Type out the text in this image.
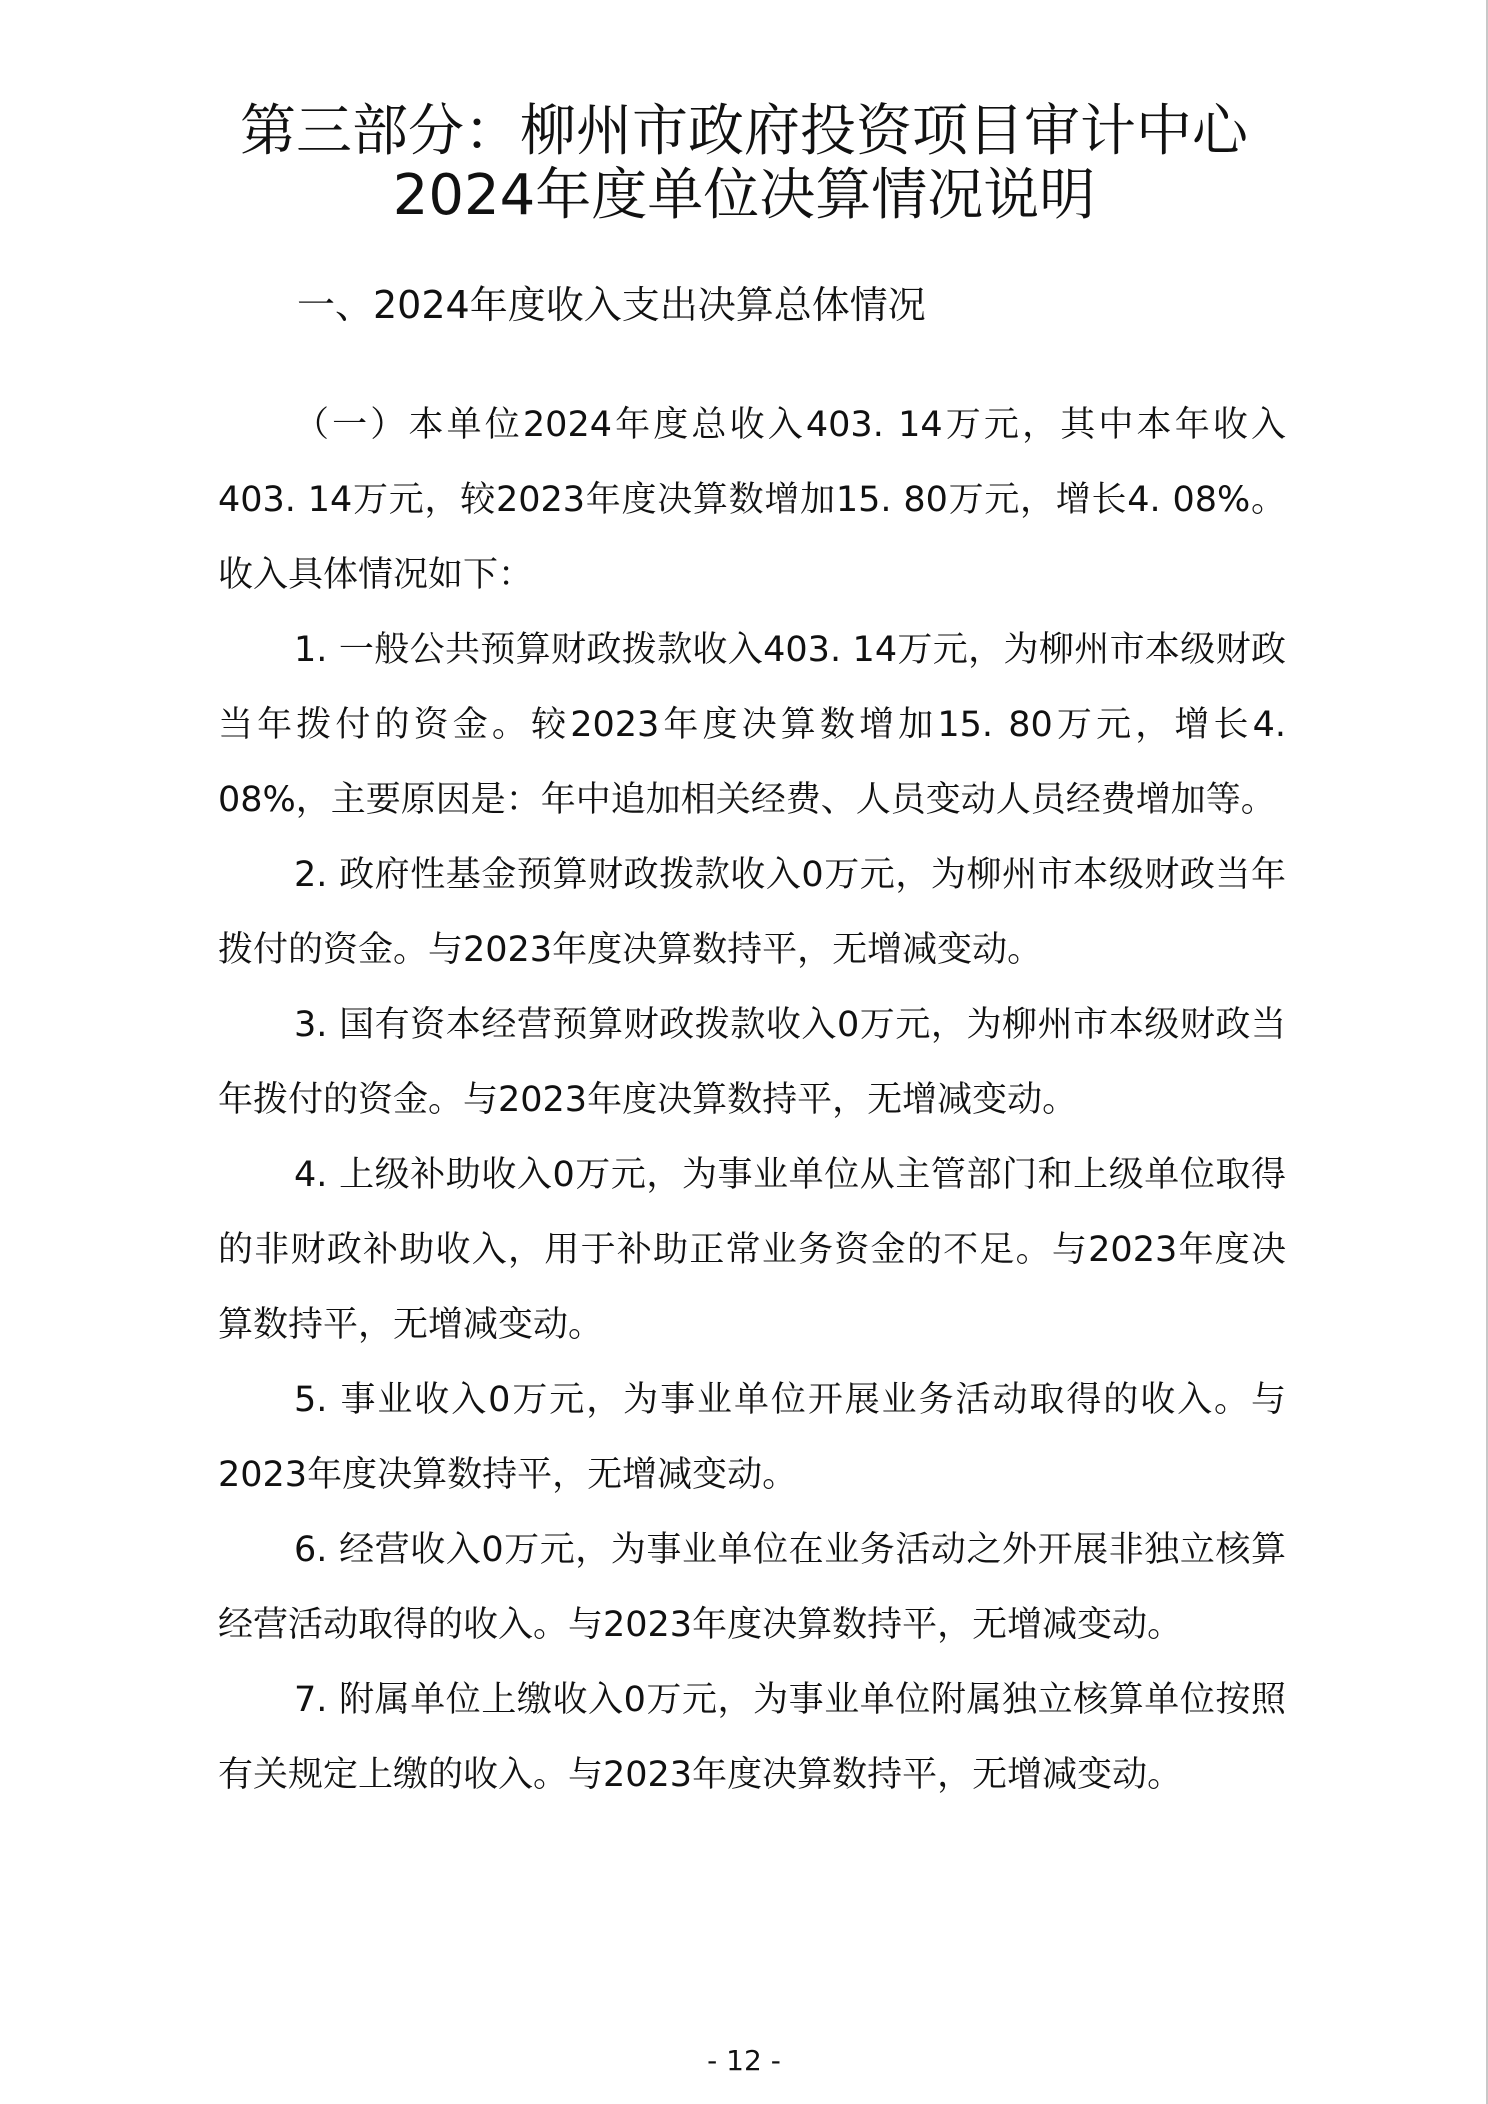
第三部分：柳州市政府投资项目审计中心

2024年度单位决算情况说明

一、2024年度收入支出决算总体情况

（一）本单位2024年度总收入403. 14万元，其中本年收入403. 14万元，较2023年度决算数增加15. 80万元，增长4. 08%。收入具体情况如下：

1. 一般公共预算财政拨款收入403. 14万元，为柳州市本级财政当年拨付的资金。较2023年度决算数增加15. 80万元，增长4. 08%，主要原因是：年中追加相关经费、人员变动人员经费增加等。

2. 政府性基金预算财政拨款收入0万元，为柳州市本级财政当年拨付的资金。与2023年度决算数持平，无增减变动。

3. 国有资本经营预算财政拨款收入0万元，为柳州市本级财政当年拨付的资金。与2023年度决算数持平，无增减变动。

4. 上级补助收入0万元，为事业单位从主管部门和上级单位取得的非财政补助收入，用于补助正常业务资金的不足。与2023年度决算数持平，无增减变动。

5. 事业收入0万元，为事业单位开展业务活动取得的收入。与2023年度决算数持平，无增减变动。

6. 经营收入0万元，为事业单位在业务活动之外开展非独立核算经营活动取得的收入。与2023年度决算数持平，无增减变动。

7. 附属单位上缴收入0万元，为事业单位附属独立核算单位按照有关规定上缴的收入。与2023年度决算数持平，无增减变动。

- 12 -
